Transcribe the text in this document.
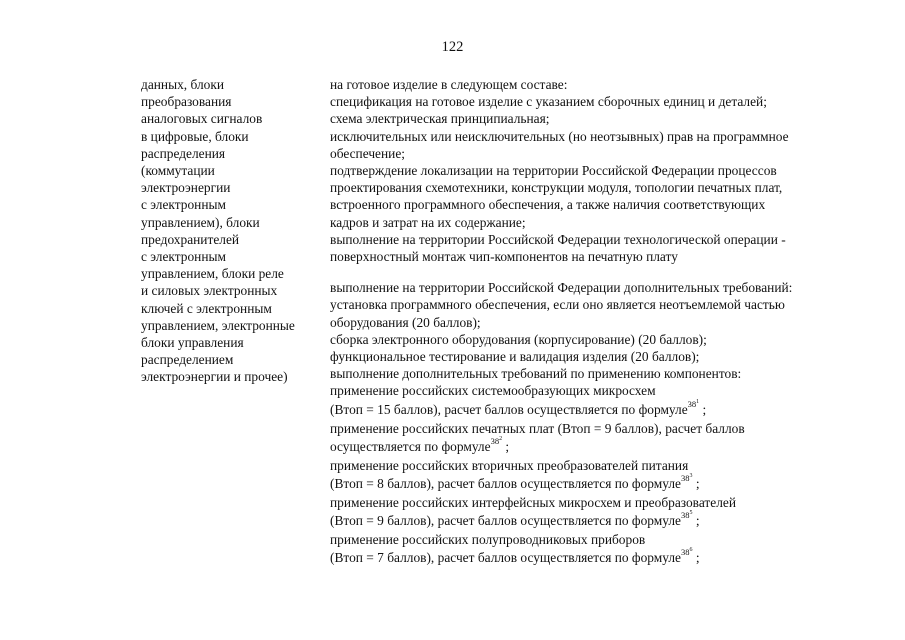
122
данных, блоки
преобразования
аналоговых сигналов
в цифровые, блоки
распределения
(коммутации
электроэнергии
с электронным
управлением), блоки
предохранителей
с электронным
управлением, блоки реле
и силовых электронных
ключей с электронным
управлением, электронные
блоки управления
распределением
электроэнергии и прочее)
на готовое изделие в следующем составе:
спецификация на готовое изделие с указанием сборочных единиц и деталей;
схема электрическая принципиальная;
исключительных или неисключительных (но неотзывных) прав на программное
обеспечение;
подтверждение локализации на территории Российской Федерации процессов
проектирования схемотехники, конструкции модуля, топологии печатных плат,
встроенного программного обеспечения, а также наличия соответствующих
кадров и затрат на их содержание;
выполнение на территории Российской Федерации технологической операции -
поверхностный монтаж чип-компонентов на печатную плату
выполнение на территории Российской Федерации дополнительных требований:
установка программного обеспечения, если оно является неотъемлемой частью
оборудования (20 баллов);
сборка электронного оборудования (корпусирование) (20 баллов);
функциональное тестирование и валидация изделия (20 баллов);
выполнение дополнительных требований по применению компонентов:
применение российских системообразующих микросхем
(Втоп = 15 баллов), расчет баллов осуществляется по формуле$^{38^1}$ ;
применение российских печатных плат (Втоп = 9 баллов), расчет баллов
осуществляется по формуле$^{38^2}$ ;
применение российских вторичных преобразователей питания
(Втоп = 8 баллов), расчет баллов осуществляется по формуле$^{38^3}$ ;
применение российских интерфейсных микросхем и преобразователей
(Втоп = 9 баллов), расчет баллов осуществляется по формуле$^{38^5}$ ;
применение российских полупроводниковых приборов
(Втоп = 7 баллов), расчет баллов осуществляется по формуле$^{38^6}$ ;
